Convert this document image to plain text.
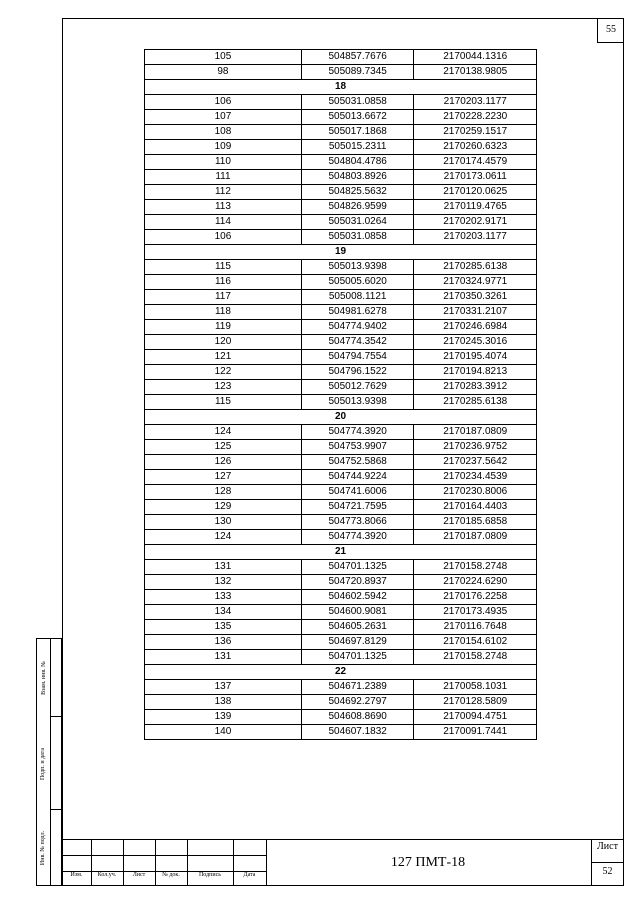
55
105	504857.7676	2170044.1316
98	505089.7345	2170138.9805
18		
106	505031.0858	2170203.1177
107	505013.6672	2170228.2230
108	505017.1868	2170259.1517
109	505015.2311	2170260.6323
110	504804.4786	2170174.4579
111	504803.8926	2170173.0611
112	504825.5632	2170120.0625
113	504826.9599	2170119.4765
114	505031.0264	2170202.9171
106	505031.0858	2170203.1177
19		
115	505013.9398	2170285.6138
116	505005.6020	2170324.9771
117	505008.1121	2170350.3261
118	504981.6278	2170331.2107
119	504774.9402	2170246.6984
120	504774.3542	2170245.3016
121	504794.7554	2170195.4074
122	504796.1522	2170194.8213
123	505012.7629	2170283.3912
115	505013.9398	2170285.6138
20		
124	504774.3920	2170187.0809
125	504753.9907	2170236.9752
126	504752.5868	2170237.5642
127	504744.9224	2170234.4539
128	504741.6006	2170230.8006
129	504721.7595	2170164.4403
130	504773.8066	2170185.6858
124	504774.3920	2170187.0809
21		
131	504701.1325	2170158.2748
132	504720.8937	2170224.6290
133	504602.5942	2170176.2258
134	504600.9081	2170173.4935
135	504605.2631	2170116.7648
136	504697.8129	2170154.6102
131	504701.1325	2170158.2748
22		
137	504671.2389	2170058.1031
138	504692.2797	2170128.5809
139	504608.8690	2170094.4751
140	504607.1832	2170091.7441
Взам. инв. №
Подп. и дата
Инв. № подл.
Изм.	Кол.уч.	Лист	№ док.	Подпись	Дата
127 ПМТ-18
Лист
52
